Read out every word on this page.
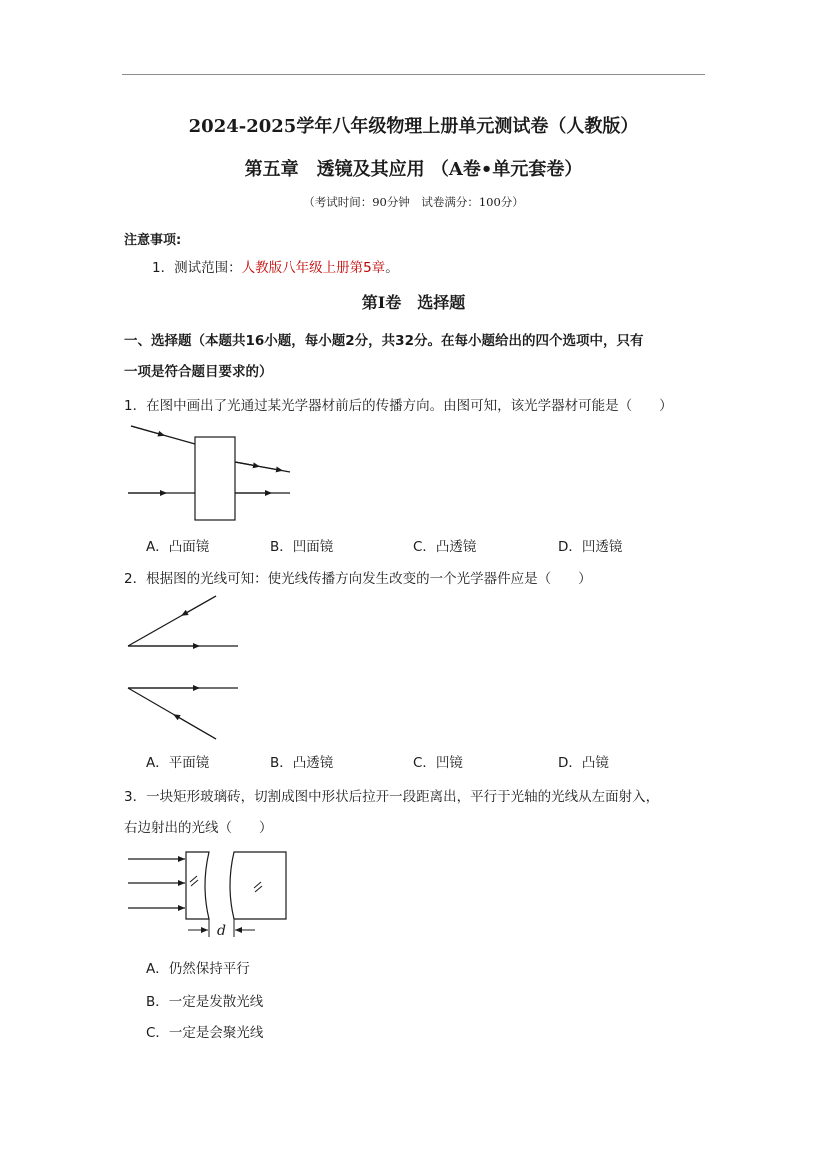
2024-2025学年八年级物理上册单元测试卷（人教版）
第五章　透镜及其应用 （A卷•单元套卷）
（考试时间：90分钟　试卷满分：100分）
注意事项:
1．测试范围：人教版八年级上册第5章。
第Ⅰ卷　选择题
一、选择题（本题共16小题，每小题2分，共32分。在每小题给出的四个选项中，只有
一项是符合题目要求的）
1．在图中画出了光通过某光学器材前后的传播方向。由图可知，该光学器材可能是（　　）
A．凸面镜	B．凹面镜	C．凸透镜	D．凹透镜
2．根据图的光线可知：使光线传播方向发生改变的一个光学器件应是（　　）
A．平面镜	B．凸透镜	C．凹镜	D．凸镜
3．一块矩形玻璃砖，切割成图中形状后拉开一段距离出，平行于光轴的光线从左面射入，
右边射出的光线（　　）
d
A．仍然保持平行
B．一定是发散光线
C．一定是会聚光线
